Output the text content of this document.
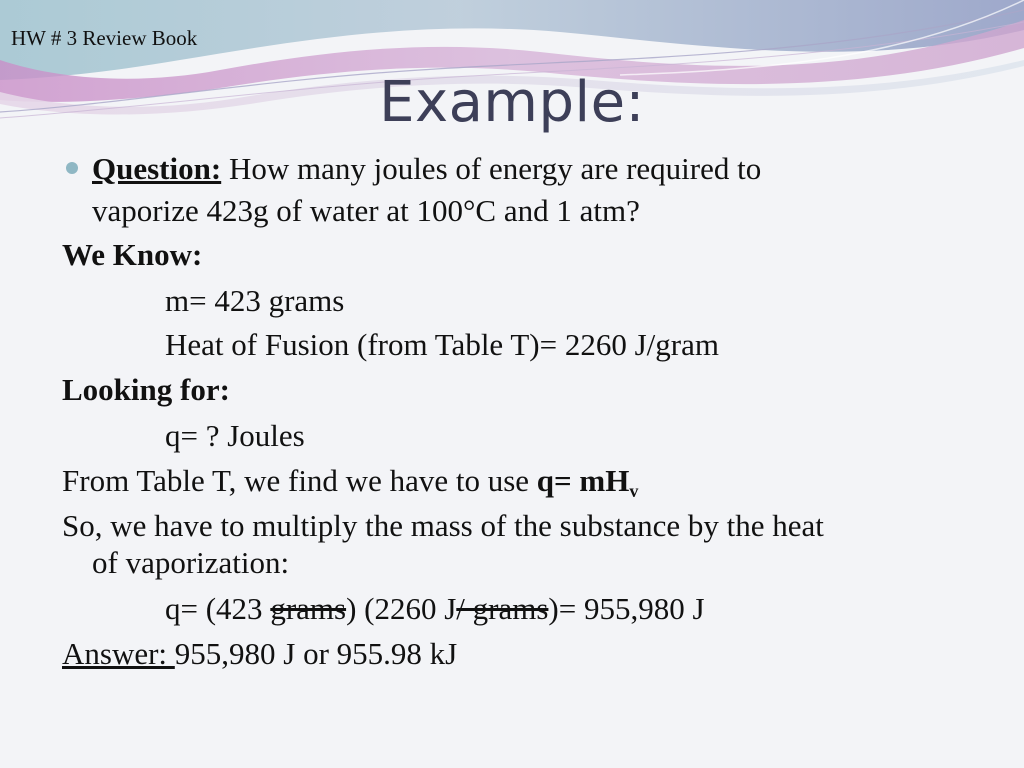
HW # 3 Review Book
Example:
Question: How many joules of energy are required to
vaporize 423g of water at 100°C and 1 atm?
We Know:
m= 423 grams
Heat of Fusion (from Table T)= 2260 J/gram
Looking for:
q= ? Joules
From Table T, we find we have to use $q= mH_v$
So, we have to multiply the mass of the substance by the heat
of vaporization:
q= (423 grams) (2260 J/ grams)= 955,980 J
Answer: 955,980 J or 955.98 kJ
